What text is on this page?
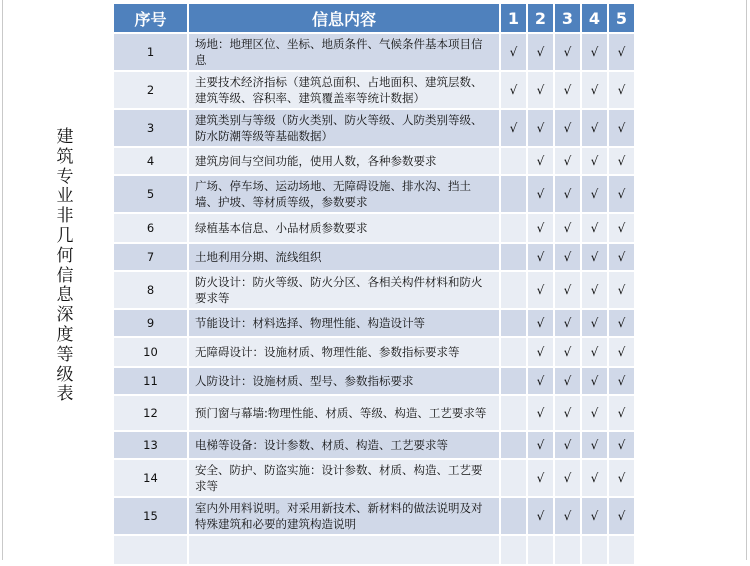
建筑专业非几何信息深度等级表
序号	信息内容	1	2	3	4	5
1	场地：地理区位、坐标、地质条件、气候条件基本项目信息	√	√	√	√	√
2	主要技术经济指标（建筑总面积、占地面积、建筑层数、建筑等级、容积率、建筑覆盖率等统计数据）	√	√	√	√	√
3	建筑类别与等级（防火类别、防火等级、人防类别等级、防水防潮等级等基础数据）	√	√	√	√	√
4	建筑房间与空间功能，使用人数，各种参数要求		√	√	√	√
5	广场、停车场、运动场地、无障碍设施、排水沟、挡土墙、护坡、等材质等级，参数要求		√	√	√	√
6	绿植基本信息、小品材质参数要求		√	√	√	√
7	土地利用分期、流线组织		√	√	√	√
8	防火设计：防火等级、防火分区、各相关构件材料和防火要求等		√	√	√	√
9	节能设计：材料选择、物理性能、构造设计等		√	√	√	√
10	无障碍设计：设施材质、物理性能、参数指标要求等		√	√	√	√
11	人防设计：设施材质、型号、参数指标要求		√	√	√	√
12	预门窗与幕墙:物理性能、材质、等级、构造、工艺要求等		√	√	√	√
13	电梯等设备：设计参数、材质、构造、工艺要求等		√	√	√	√
14	安全、防护、防盗实施：设计参数、材质、构造、工艺要求等		√	√	√	√
15	室内外用料说明。对采用新技术、新材料的做法说明及对特殊建筑和必要的建筑构造说明		√	√	√	√
